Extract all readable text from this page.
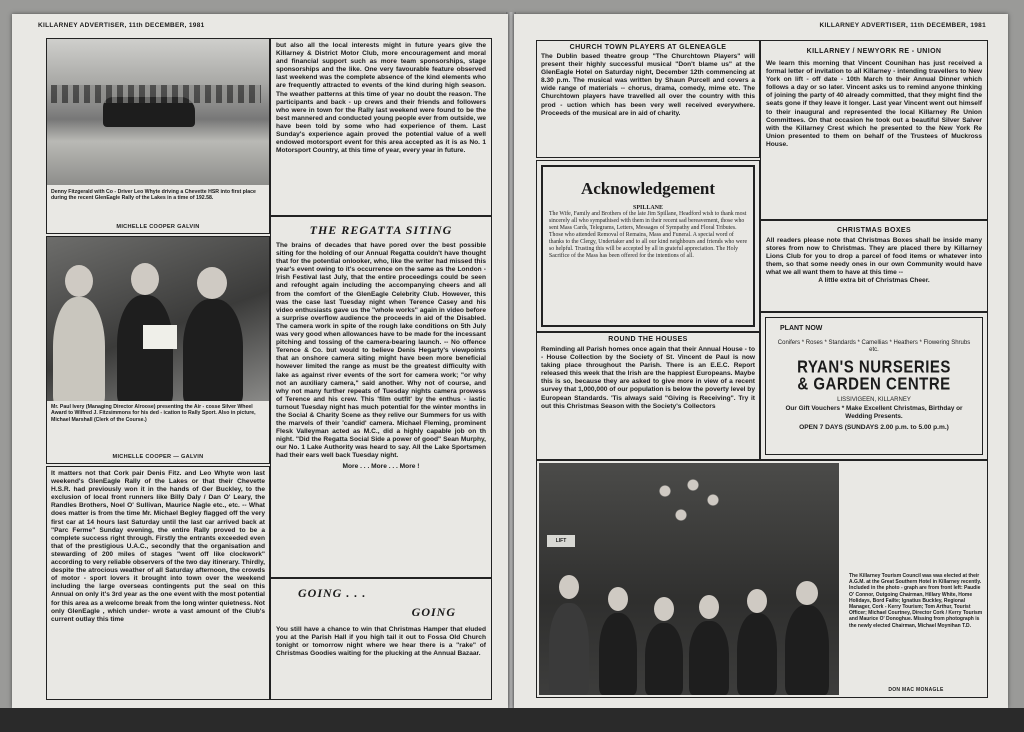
KILLARNEY ADVERTISER, 11th DECEMBER, 1981
Denny Fitzgerald with Co - Driver Leo Whyte driving a Chevette HSR into first place during the recent GlenEagle Rally of the Lakes in a time of 192.58.
MICHELLE COOPER GALVIN
Mr. Paul Ivery (Managing Director Alroose) presenting the Air - cosse Silver Wheel Award to Wilfred J. Fitzsimmons for his ded - ication to Rally Sport. Also in picture, Michael Marshall (Clerk of the Course.)
MICHELLE COOPER — GALVIN
It matters not that Cork pair Denis Fitz. and Leo Whyte won last weekend's GlenEagle Rally of the Lakes or that their Chevette H.S.R. had previously won it in the hands of Ger Buckley, to the exclusion of local front runners like Billy Daly / Dan O' Leary, the Randles Brothers, Noel O' Sullivan, Maurice Nagle etc., etc. -- What does matter is from the time Mr. Michael Begley flagged off the very first car at 14 hours last Saturday until the last car arrived back at "Parc Ferme" Sunday evening, the entire Rally proved to be a complete success right through. Firstly the entrants exceeded even that of the prestigious U.A.C., secondly that the organisation and stewarding of 200 miles of stages "went off like clockwork" according to very reliable observers of the two day itinerary. Thirdly, despite the atrocious weather of all Saturday afternoon, the crowds of motor - sport lovers it brought into town over the weekend including the large overseas contingents put the seal on this Annual on only it's 3rd year as the one event with the most potential for this area as a welcome break from the long winter quietness. Not only GlenEagle , which under- wrote a vast amount of the Club's current outlay this time
but also all the local interests might in future years give the Killarney & District Motor Club, more encouragement and moral and financial support such as more team sponsorships, stage sponsorships and the like. One very favourable feature observed last weekend was the complete absence of the kind elements who are frequently attracted to events of the kind during high season. The weather patterns at this time of year no doubt the reason. The participants and back - up crews and their friends and followers who were in town for the Rally last weekend were found to be the best mannered and conducted young people ever from outside, we have been told by some who had experience of them. Last Sunday's experience again proved the potential value of a well endowed motorsport event for this area accepted as it is as No. 1 Motorsport Country, at this time of year, every year in future.
THE REGATTA SITING
The brains of decades that have pored over the best possible siting for the holding of our Annual Regatta couldn't have thought that for the potential onlooker, who, like the writer had missed this year's event owing to it's occurrence on the same as the London - Irish Festival last July, that the entire proceedings could be seen and refought again including the accompanying cheers and all from the comfort of the GlenEagle Celebrity Club. However, this was the case last Tuesday night when Terence Casey and his video enthusiasts gave us the "whole works" again in video before a surprise overflow audience the proceeds in aid of the Disabled. The camera work in spite of the rough lake conditions on 5th July was very good when allowances have to be made for the incessant pitching and tossing of the camera-bearing launch. -- No offence Terence & Co. but would to believe Denis Hegarty's viewpoints that an onshore camera siting might have been more beneficial however limited the range as must be the greatest difficulty with lake as against river events of the sort for camera work; "or why not an auxiliary camera," said another. Why not of course, and why not many further repeats of Tuesday nights camera prowess of Terence and his crew. This 'film outfit' by the enthus - iastic turnout Tuesday night has much potential for the winter months in the Social & Charity Scene as they relive our Summers for us with the marvels of their 'candid' camera. Michael Fleming, prominent Flesk Valleyman acted as M.C., did a highly capable job on th night. "Did the Regatta Social Side a power of good" Sean Murphy, our No. 1 Lake Authority was heard to say. All the Lake Sportsmen had their ears well back Tuesday night.
More . . . More . . . More !
GOING . . .
GOING
You still have a chance to win that Christmas Hamper that eluded you at the Parish Hall if you high tail it out to Fossa Old Church tonight or tomorrow night where we hear there is a "rake" of Christmas Goodies waiting for the plucking at the Annual Bazaar.
KILLARNEY ADVERTISER, 11th DECEMBER, 1981
CHURCH TOWN PLAYERS AT GLENEAGLE
The Dublin based theatre group "The Churchtown Players" will present their highly successful musical "Don't blame us" at the GlenEagle Hotel on Saturday night, December 12th commencing at 8.30 p.m. The musical was written by Shaun Purcell and covers a wide range of materials -- chorus, drama, comedy, mime etc. The Churchtown players have travelled all over the country with this prod - uction which has been very well received everywhere. Proceeds of the musical are in aid of charity.
Acknowledgement
SPILLANE
The Wife, Family and Brothers of the late Jim Spillane, Headford wish to thank most sincerely all who sympathised with them in their recent sad bereavement, those who sent Mass Cards, Telegrams, Letters, Messages of Sympathy and Floral Tributes. Those who attended Removal of Remains, Mass and Funeral. A special word of thanks to the Clergy, Undertaker and to all our kind neighbours and friends who were so helpful. Trusting this will be accepted by all in grateful appreciation. The Holy Sacrifice of the Mass has been offered for the intentions of all.
ROUND THE HOUSES
Reminding all Parish homes once again that their Annual House - to - House Collection by the Society of St. Vincent de Paul is now taking place throughout the Parish. There is an E.E.C. Report released this week that the Irish are the happiest Europeans. Maybe this is so, because they are asked to give more in view of a recent survey that 1,000,000 of our population is below the poverty level by European Standards. 'Tis always said "Giving is Receiving". Try it out this Christmas Season with the Society's Collectors
KILLARNEY / NEWYORK RE - UNION
We learn this morning that Vincent Counihan has just received a formal letter of invitation to all Killarney - intending travellers to New York on lift - off date - 10th March to their Annual Dinner which follows a day or so later. Vincent asks us to remind anyone thinking of joining the party of 40 already committed, that they might find the seats gone if they leave it longer. Last year Vincent went out himself to their inaugural and represented the local Killarney Re Union Committees. On that occasion he took out a beautiful Silver Salver with the Killarney Crest which he presented to the New York Re Union presented to them on behalf of the Trustees of Muckross House.
CHRISTMAS BOXES
All readers please note that Christmas Boxes shall be inside many stores from now to Christmas. They are placed there by Killarney Lions Club for you to drop a parcel of food items or whatever into them, so that some needy ones in our own Community would have what we all want them to have at this time --
A little extra bit of Christmas Cheer.
PLANT NOW
Conifers * Roses * Standards * Camellias * Heathers * Flowering Shrubs etc.
RYAN'S NURSERIES
& GARDEN CENTRE
LISSIVIGEEN, KILLARNEY
Our Gift Vouchers * Make Excellent Christmas, Birthday or Wedding Presents.
OPEN 7 DAYS (SUNDAYS 2.00 p.m. to 5.00 p.m.)
LIFT
The Killarney Tourism Council was was elected at their A.G.M. at the Great Southern Hotel in Killarney recently. Included in the photo - graph are from front left: Paudie O' Connor, Outgoing Chairman, Hillary White, Home Holidays, Bord Failte; Ignatius Buckley, Regional Manager, Cork - Kerry Tourism; Tom Arthur, Tourist Officer; Michael Courtney, Director Cork / Kerry Tourism and Maurice O' Donoghue. Missing from photograph is the newly elected Chairman, Michael Moynihan T.D.
DON MAC MONAGLE
